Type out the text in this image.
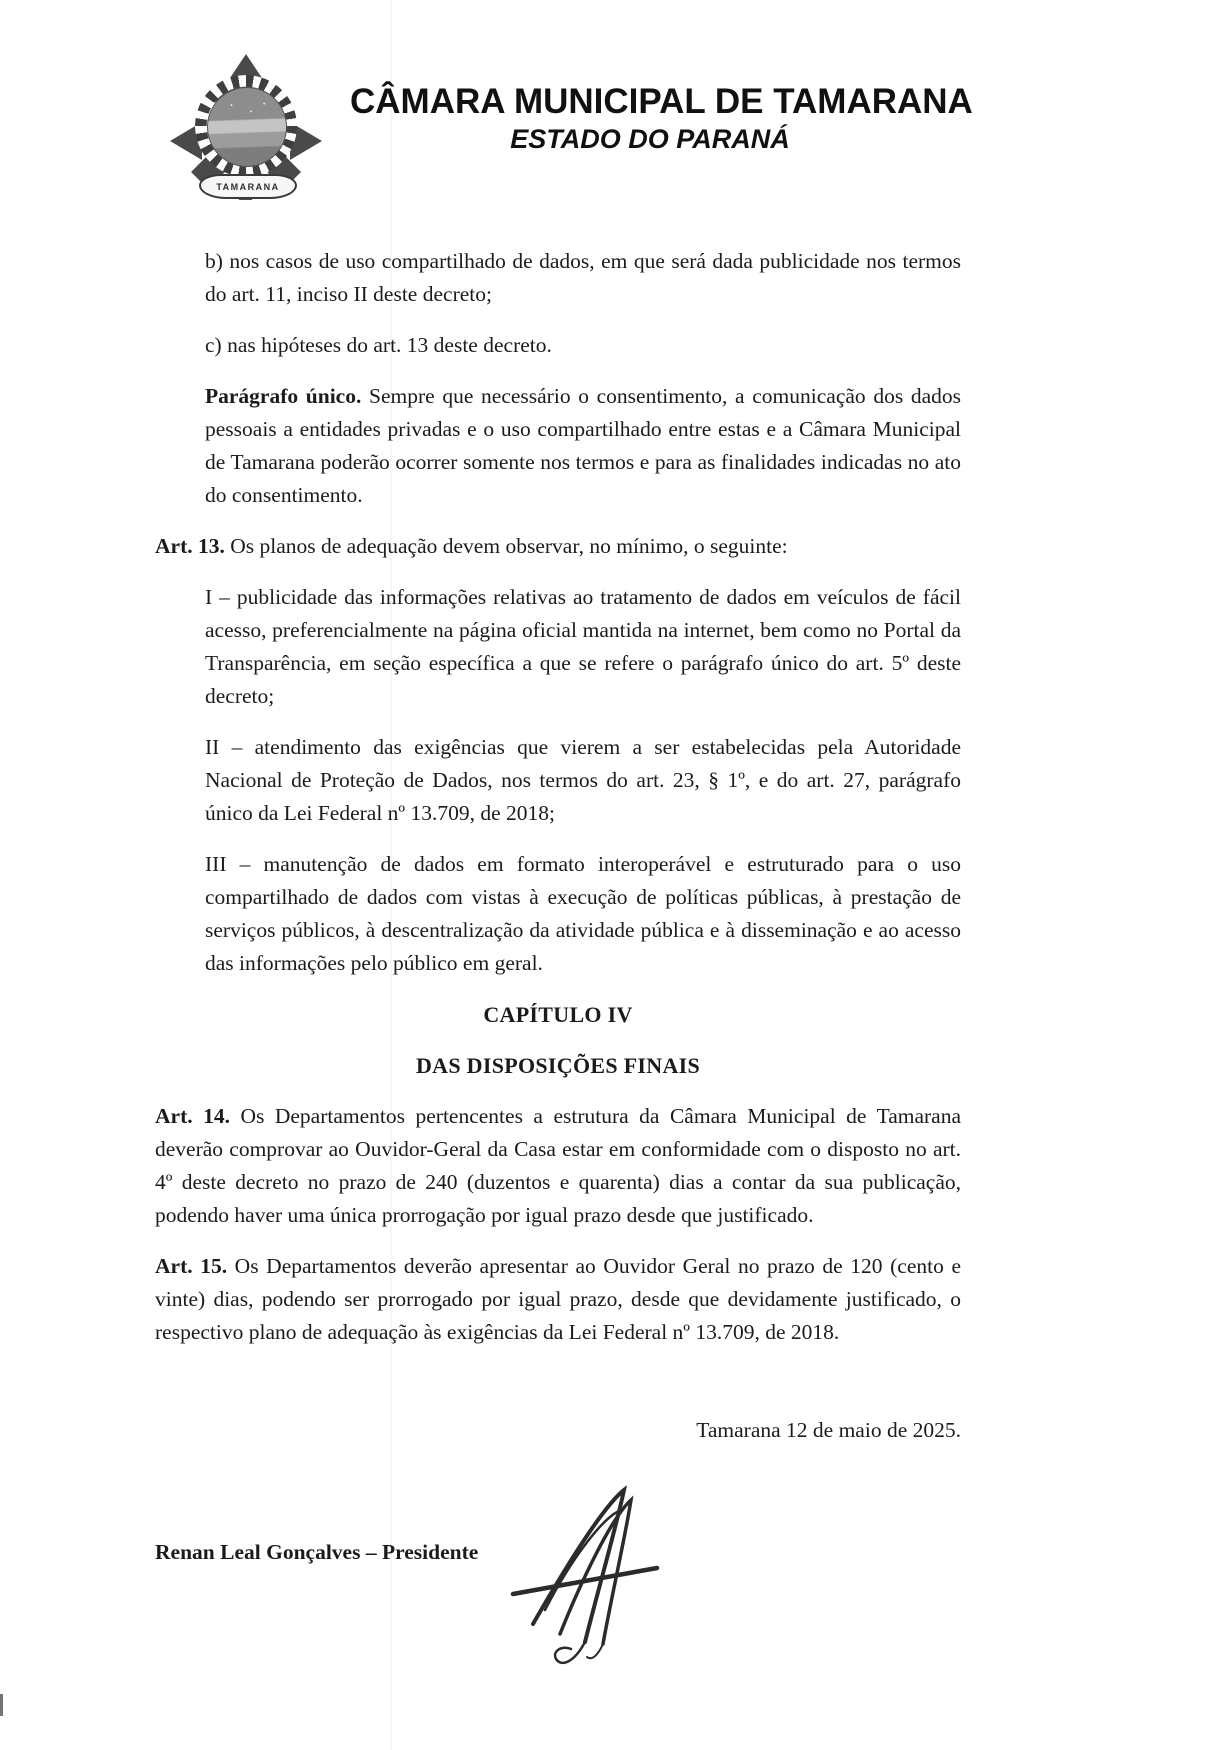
TAMARANA
CÂMARA MUNICIPAL DE TAMARANA
ESTADO DO PARANÁ

b) nos casos de uso compartilhado de dados, em que será dada publicidade nos termos do art. 11, inciso II deste decreto;

c) nas hipóteses do art. 13 deste decreto.

Parágrafo único. Sempre que necessário o consentimento, a comunicação dos dados pessoais a entidades privadas e o uso compartilhado entre estas e a Câmara Municipal de Tamarana poderão ocorrer somente nos termos e para as finalidades indicadas no ato do consentimento.

Art. 13. Os planos de adequação devem observar, no mínimo, o seguinte:

I – publicidade das informações relativas ao tratamento de dados em veículos de fácil acesso, preferencialmente na página oficial mantida na internet, bem como no Portal da Transparência, em seção específica a que se refere o parágrafo único do art. 5º deste decreto;

II – atendimento das exigências que vierem a ser estabelecidas pela Autoridade Nacional de Proteção de Dados, nos termos do art. 23, § 1º, e do art. 27, parágrafo único da Lei Federal nº 13.709, de 2018;

III – manutenção de dados em formato interoperável e estruturado para o uso compartilhado de dados com vistas à execução de políticas públicas, à prestação de serviços públicos, à descentralização da atividade pública e à disseminação e ao acesso das informações pelo público em geral.

CAPÍTULO IV

DAS DISPOSIÇÕES FINAIS

Art. 14. Os Departamentos pertencentes a estrutura da Câmara Municipal de Tamarana deverão comprovar ao Ouvidor-Geral da Casa estar em conformidade com o disposto no art. 4º deste decreto no prazo de 240 (duzentos e quarenta) dias a contar da sua publicação, podendo haver uma única prorrogação por igual prazo desde que justificado.

Art. 15. Os Departamentos deverão apresentar ao Ouvidor Geral no prazo de 120 (cento e vinte) dias, podendo ser prorrogado por igual prazo, desde que devidamente justificado, o respectivo plano de adequação às exigências da Lei Federal nº 13.709, de 2018.

Tamarana 12 de maio de 2025.
Renan Leal Gonçalves – Presidente
